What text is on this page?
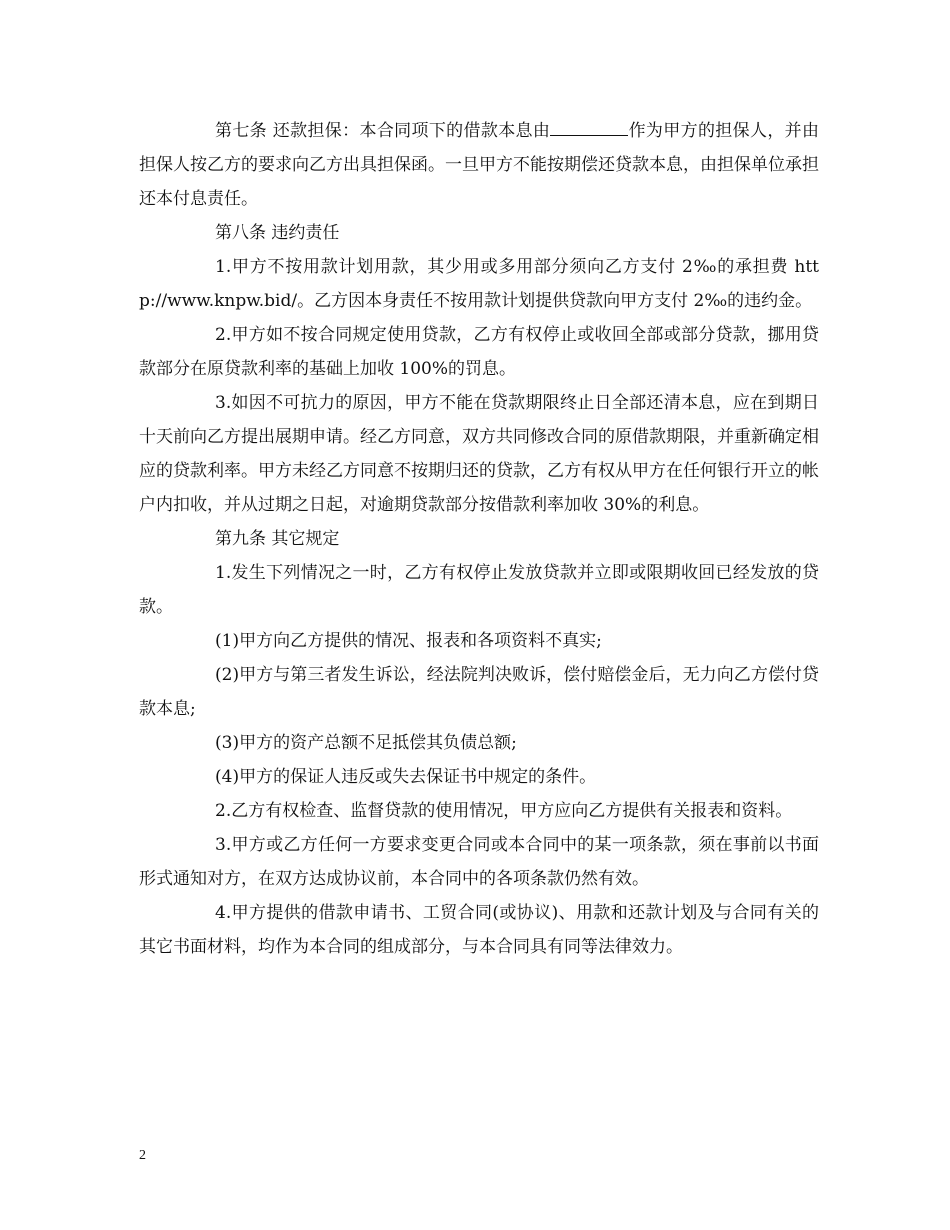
第七条 还款担保：本合同项下的借款本息由	作为甲方的担保人，并由担保人按乙方的要求向乙方出具担保函。一旦甲方不能按期偿还贷款本息，由担保单位承担还本付息责任。

第八条 违约责任

1.甲方不按用款计划用款，其少用或多用部分须向乙方支付 2‰的承担费 http://www.knpw.bid/。乙方因本身责任不按用款计划提供贷款向甲方支付 2‰的违约金。

2.甲方如不按合同规定使用贷款，乙方有权停止或收回全部或部分贷款，挪用贷款部分在原贷款利率的基础上加收 100%的罚息。

3.如因不可抗力的原因，甲方不能在贷款期限终止日全部还清本息，应在到期日十天前向乙方提出展期申请。经乙方同意，双方共同修改合同的原借款期限，并重新确定相应的贷款利率。甲方未经乙方同意不按期归还的贷款，乙方有权从甲方在任何银行开立的帐户内扣收，并从过期之日起，对逾期贷款部分按借款利率加收 30%的利息。

第九条 其它规定

1.发生下列情况之一时，乙方有权停止发放贷款并立即或限期收回已经发放的贷款。

(1)甲方向乙方提供的情况、报表和各项资料不真实;

(2)甲方与第三者发生诉讼，经法院判决败诉，偿付赔偿金后，无力向乙方偿付贷款本息;

(3)甲方的资产总额不足抵偿其负债总额;

(4)甲方的保证人违反或失去保证书中规定的条件。

2.乙方有权检查、监督贷款的使用情况，甲方应向乙方提供有关报表和资料。

3.甲方或乙方任何一方要求变更合同或本合同中的某一项条款，须在事前以书面形式通知对方，在双方达成协议前，本合同中的各项条款仍然有效。

4.甲方提供的借款申请书、工贸合同(或协议)、用款和还款计划及与合同有关的其它书面材料，均作为本合同的组成部分，与本合同具有同等法律效力。

2
